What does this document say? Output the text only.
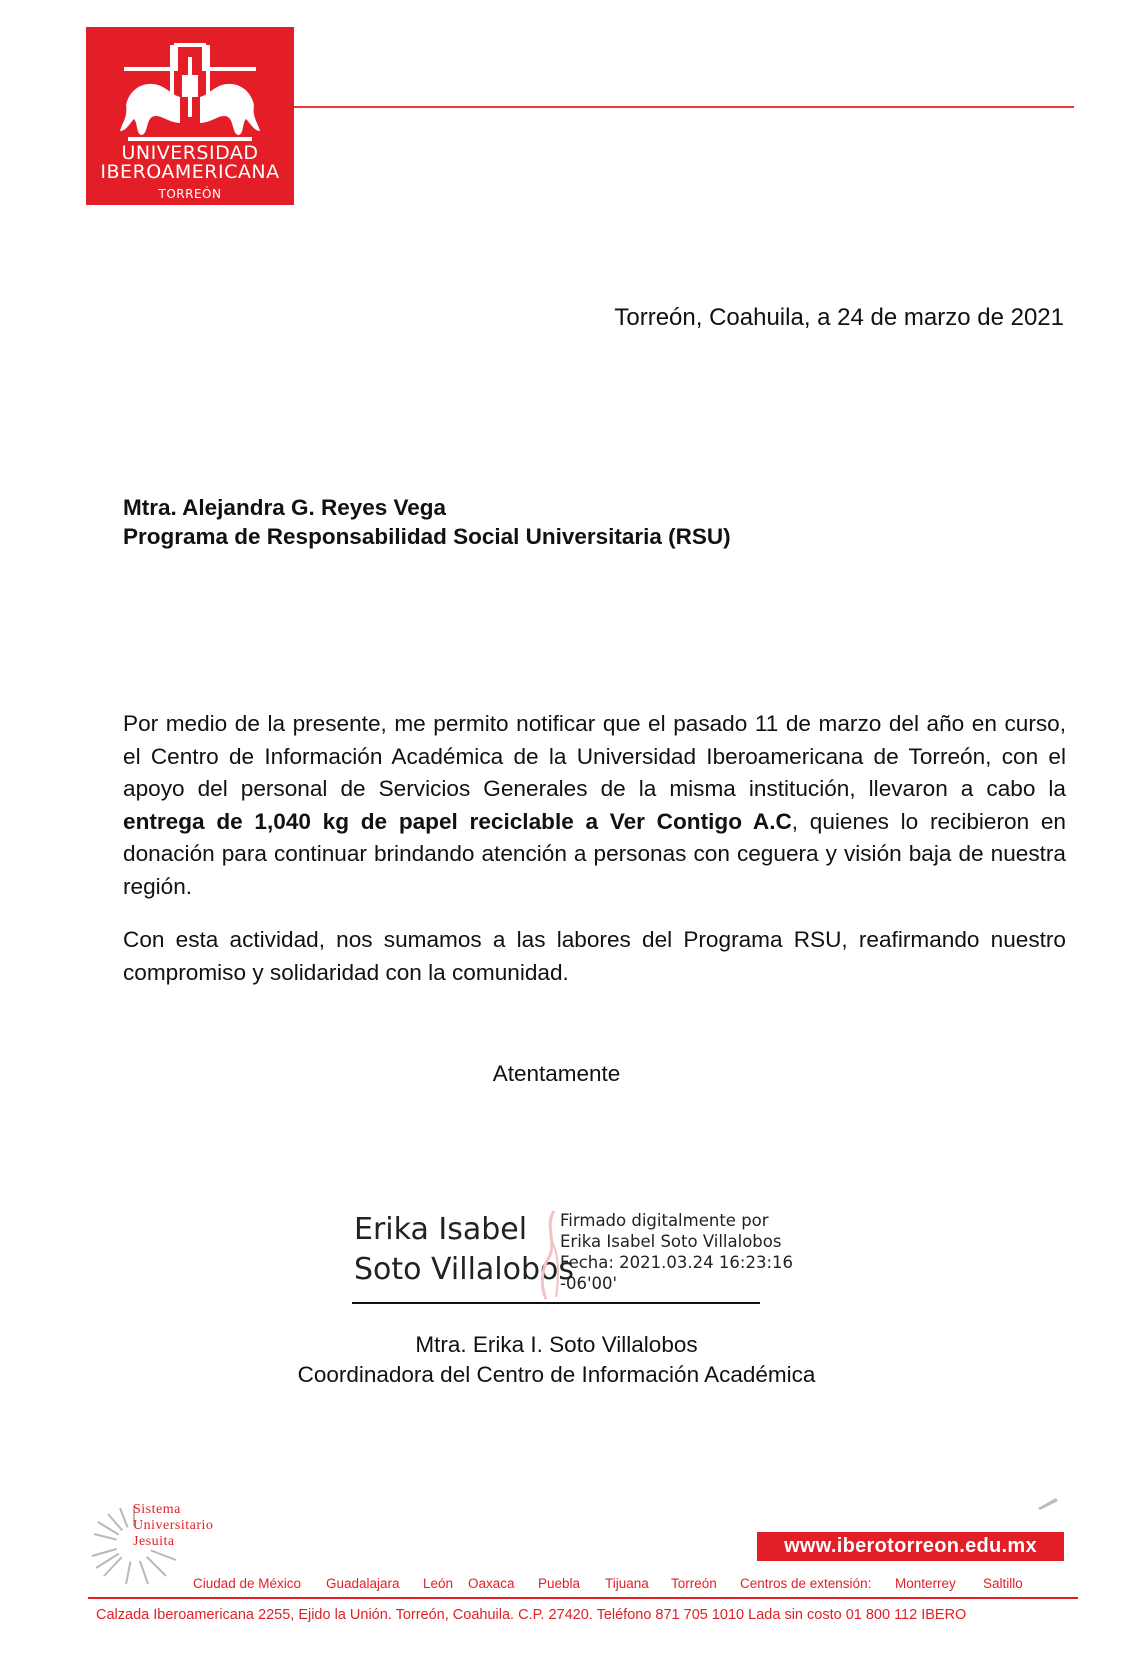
UNIVERSIDAD
IBEROAMERICANA
TORREÓN
Torreón, Coahuila, a 24 de marzo de 2021
Mtra. Alejandra G. Reyes Vega
Programa de Responsabilidad Social Universitaria (RSU)

Por medio de la presente, me permito notificar que el pasado 11 de marzo del año en curso, el Centro de Información Académica de la Universidad Iberoamericana de Torreón, con el apoyo del personal de Servicios Generales de la misma institución, llevaron a cabo la entrega de 1,040 kg de papel reciclable a Ver Contigo A.C, quienes lo recibieron en donación para continuar brindando atención a personas con ceguera y visión baja de nuestra región.

Con esta actividad, nos sumamos a las labores del Programa RSU, reafirmando nuestro compromiso y solidaridad con la comunidad.

Atentamente
Erika Isabel
Soto Villalobos
Firmado digitalmente por
Erika Isabel Soto Villalobos
Fecha: 2021.03.24 16:23:16
-06'00'
Mtra. Erika I. Soto Villalobos
Coordinadora del Centro de Información Académica
Sistema
Universitario
Jesuita	www.iberotorreon.edu.mx
Ciudad de México Guadalajara León Oaxaca Puebla Tijuana Torreón Centros de extensión: Monterrey Saltillo
Calzada Iberoamericana 2255, Ejido la Unión. Torreón, Coahuila. C.P. 27420. Teléfono 871 705 1010 Lada sin costo 01 800 112 IBERO
